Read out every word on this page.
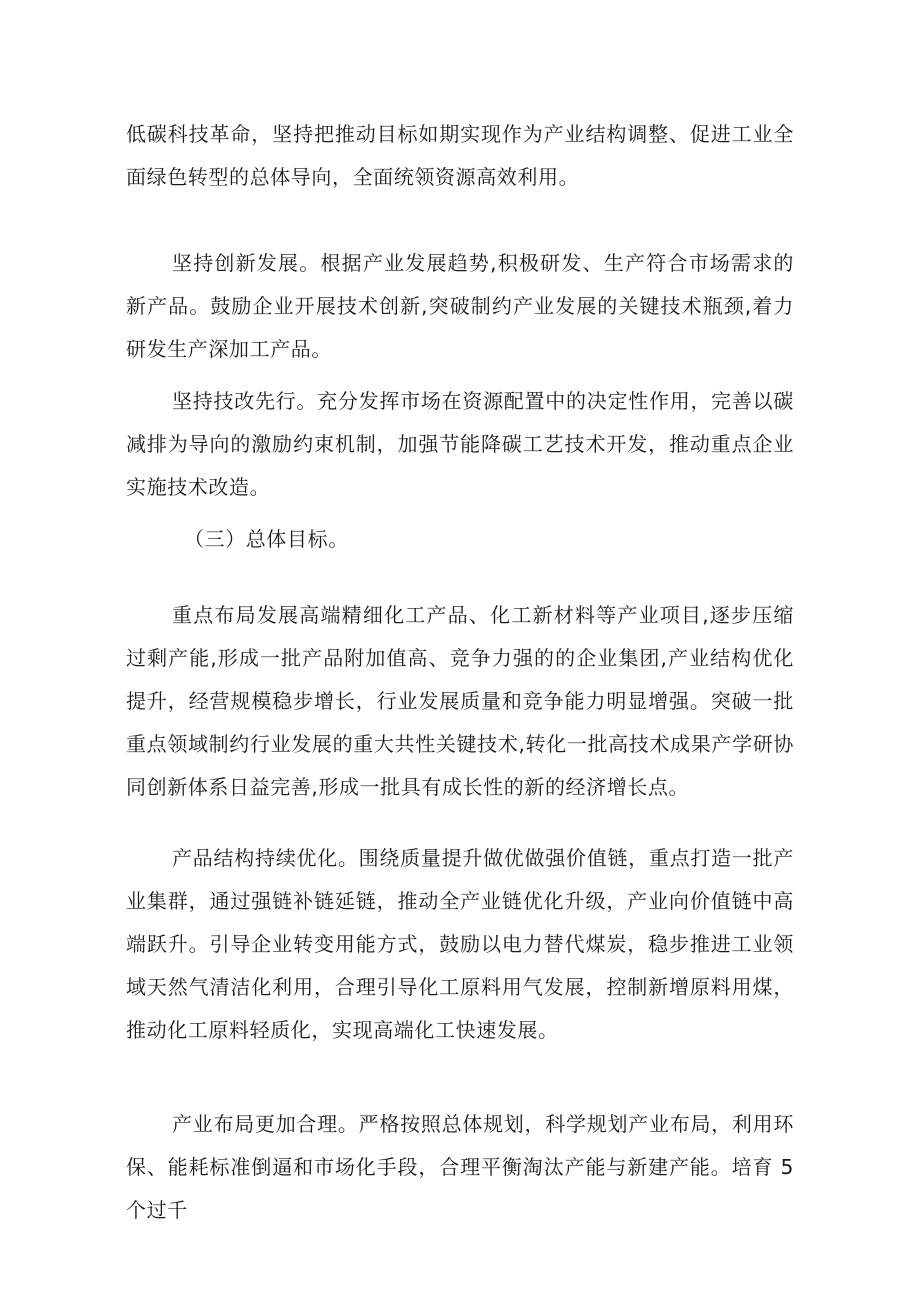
低碳科技革命，坚持把推动目标如期实现作为产业结构调整、促进工业全面绿色转型的总体导向，全面统领资源高效利用。

坚持创新发展。根据产业发展趋势,积极研发、生产符合市场需求的新产品。鼓励企业开展技术创新,突破制约产业发展的关键技术瓶颈,着力研发生产深加工产品。

坚持技改先行。充分发挥市场在资源配置中的决定性作用，完善以碳减排为导向的激励约束机制，加强节能降碳工艺技术开发，推动重点企业实施技术改造。

（三）总体目标。

重点布局发展高端精细化工产品、化工新材料等产业项目,逐步压缩过剩产能,形成一批产品附加值高、竞争力强的的企业集团,产业结构优化提升，经营规模稳步增长，行业发展质量和竞争能力明显增强。突破一批重点领域制约行业发展的重大共性关键技术,转化一批高技术成果产学研协同创新体系日益完善,形成一批具有成长性的新的经济增长点。

产品结构持续优化。围绕质量提升做优做强价值链，重点打造一批产业集群，通过强链补链延链，推动全产业链优化升级，产业向价值链中高端跃升。引导企业转变用能方式，鼓励以电力替代煤炭，稳步推进工业领域天然气清洁化利用，合理引导化工原料用气发展，控制新增原料用煤，推动化工原料轻质化，实现高端化工快速发展。

产业布局更加合理。严格按照总体规划，科学规划产业布局，利用环保、能耗标准倒逼和市场化手段，合理平衡淘汰产能与新建产能。培育 5 个过千
